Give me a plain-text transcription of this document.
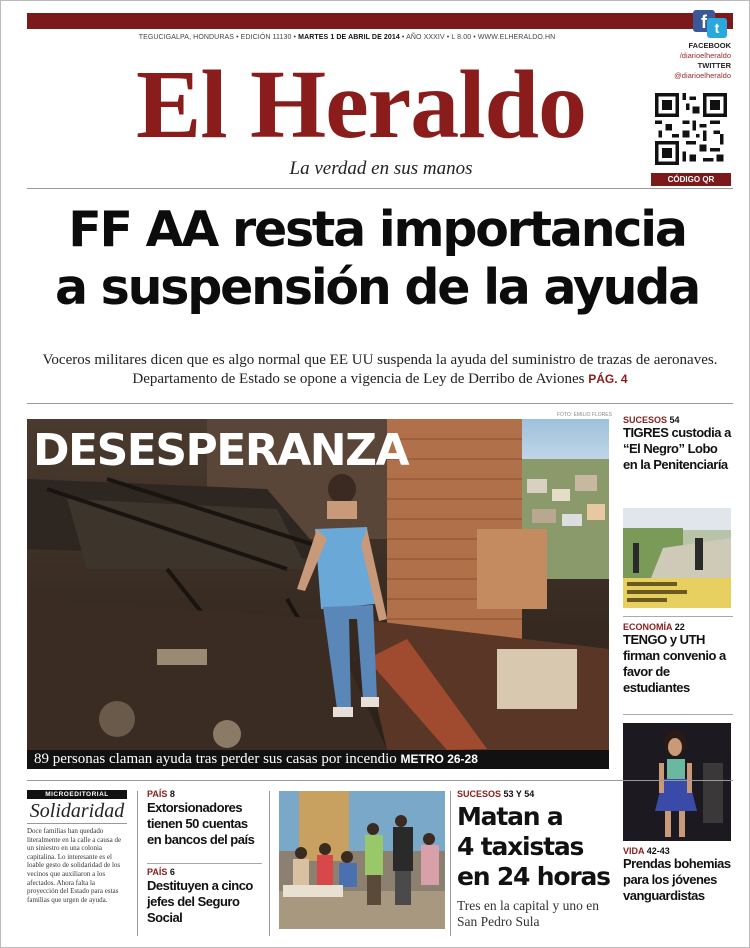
TEGUCIGALPA, HONDURAS • EDICIÓN 11130 • MARTES 1 DE ABRIL DE 2014 • AÑO XXXIV • L 8.00 • WWW.ELHERALDO.HN
f t
FACEBOOK
/diarioelheraldo
TWITTER
@diarioelheraldo
El Heraldo
La verdad en sus manos
CÓDIGO QR
FF AA resta importancia
a suspensión de la ayuda
Voceros militares dicen que es algo normal que EE UU suspenda la ayuda del suministro de trazas de aeronaves. Departamento de Estado se opone a vigencia de Ley de Derribo de Aviones PÁG. 4
FOTO: EMILIO FLORES
DESESPERANZA
89 personas claman ayuda tras perder sus casas por incendio METRO 26-28
SUCESOS 54
TIGRES custodia a “El Negro” Lobo en la Penitenciaría
ECONOMÍA 22
TENGO y UTH firman convenio a favor de estudiantes
VIDA 42-43
Prendas bohemias para los jóvenes vanguardistas
MICROEDITORIAL
Solidaridad
Doce familias han quedado literalmente en la calle a causa de un siniestro en una colonia capitalina. Lo interesante es el loable gesto de solidaridad de los vecinos que auxiliaron a los afectados. Ahora falta la proyección del Estado para estas familias que urgen de ayuda.
PAÍS 8
Extorsionadores tienen 50 cuentas en bancos del país
PAÍS 6
Destituyen a cinco jefes del Seguro Social
SUCESOS 53 Y 54
Matan a
4 taxistas
en 24 horas
Tres en la capital y uno en San Pedro Sula
